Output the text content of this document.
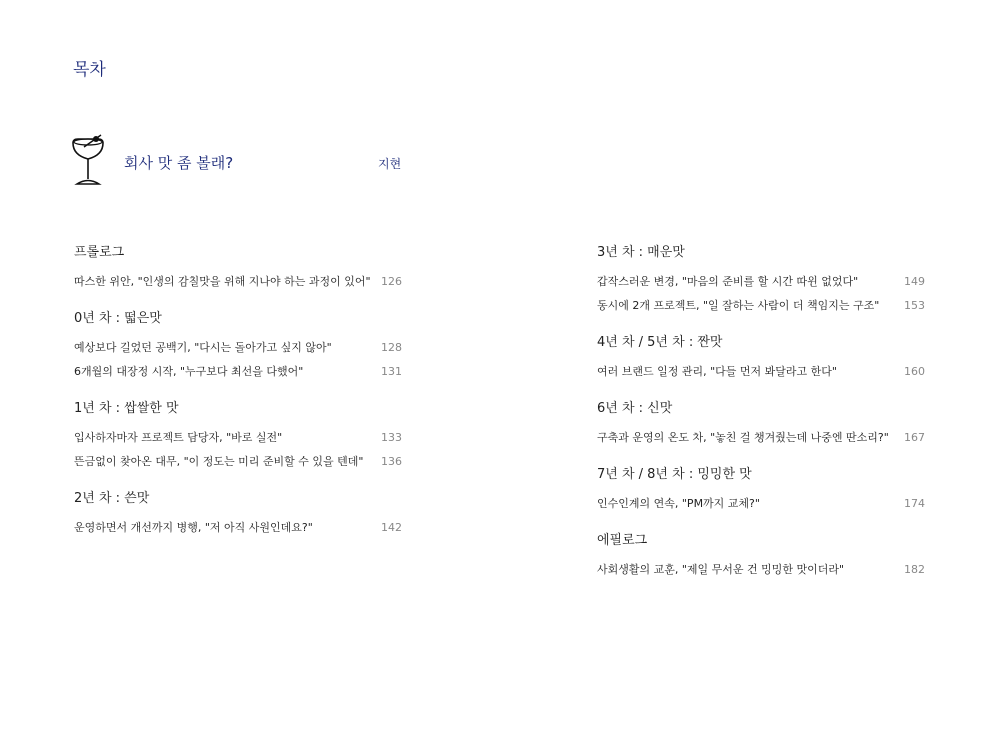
목차
회사 맛 좀 볼래?	지현
프롤로그
따스한 위안, "인생의 감칠맛을 위해 지나야 하는 과정이 있어" 126
0년 차 : 떫은맛
예상보다 길었던 공백기, "다시는 돌아가고 싶지 않아"	128
6개월의 대장정 시작, "누구보다 최선을 다했어"	131
1년 차 : 쌉쌀한 맛
입사하자마자 프로젝트 담당자, "바로 실전"	133
뜬금없이 찾아온 대무, "이 정도는 미리 준비할 수 있을 텐데" 136
2년 차 : 쓴맛
운영하면서 개선까지 병행, "저 아직 사원인데요?"	142
3년 차 : 매운맛
갑작스러운 변경, "마음의 준비를 할 시간 따윈 없었다"	149
동시에 2개 프로젝트, "일 잘하는 사람이 더 책임지는 구조" 153
4년 차 / 5년 차 : 짠맛
여러 브랜드 일정 관리, "다들 먼저 봐달라고 한다"	160
6년 차 : 신맛
구축과 운영의 온도 차, "놓친 걸 챙겨줬는데 나중엔 딴소리?" 167
7년 차 / 8년 차 : 밍밍한 맛
인수인계의 연속, "PM까지 교체?"	174
에필로그
사회생활의 교훈, "제일 무서운 건 밍밍한 맛이더라"	182
